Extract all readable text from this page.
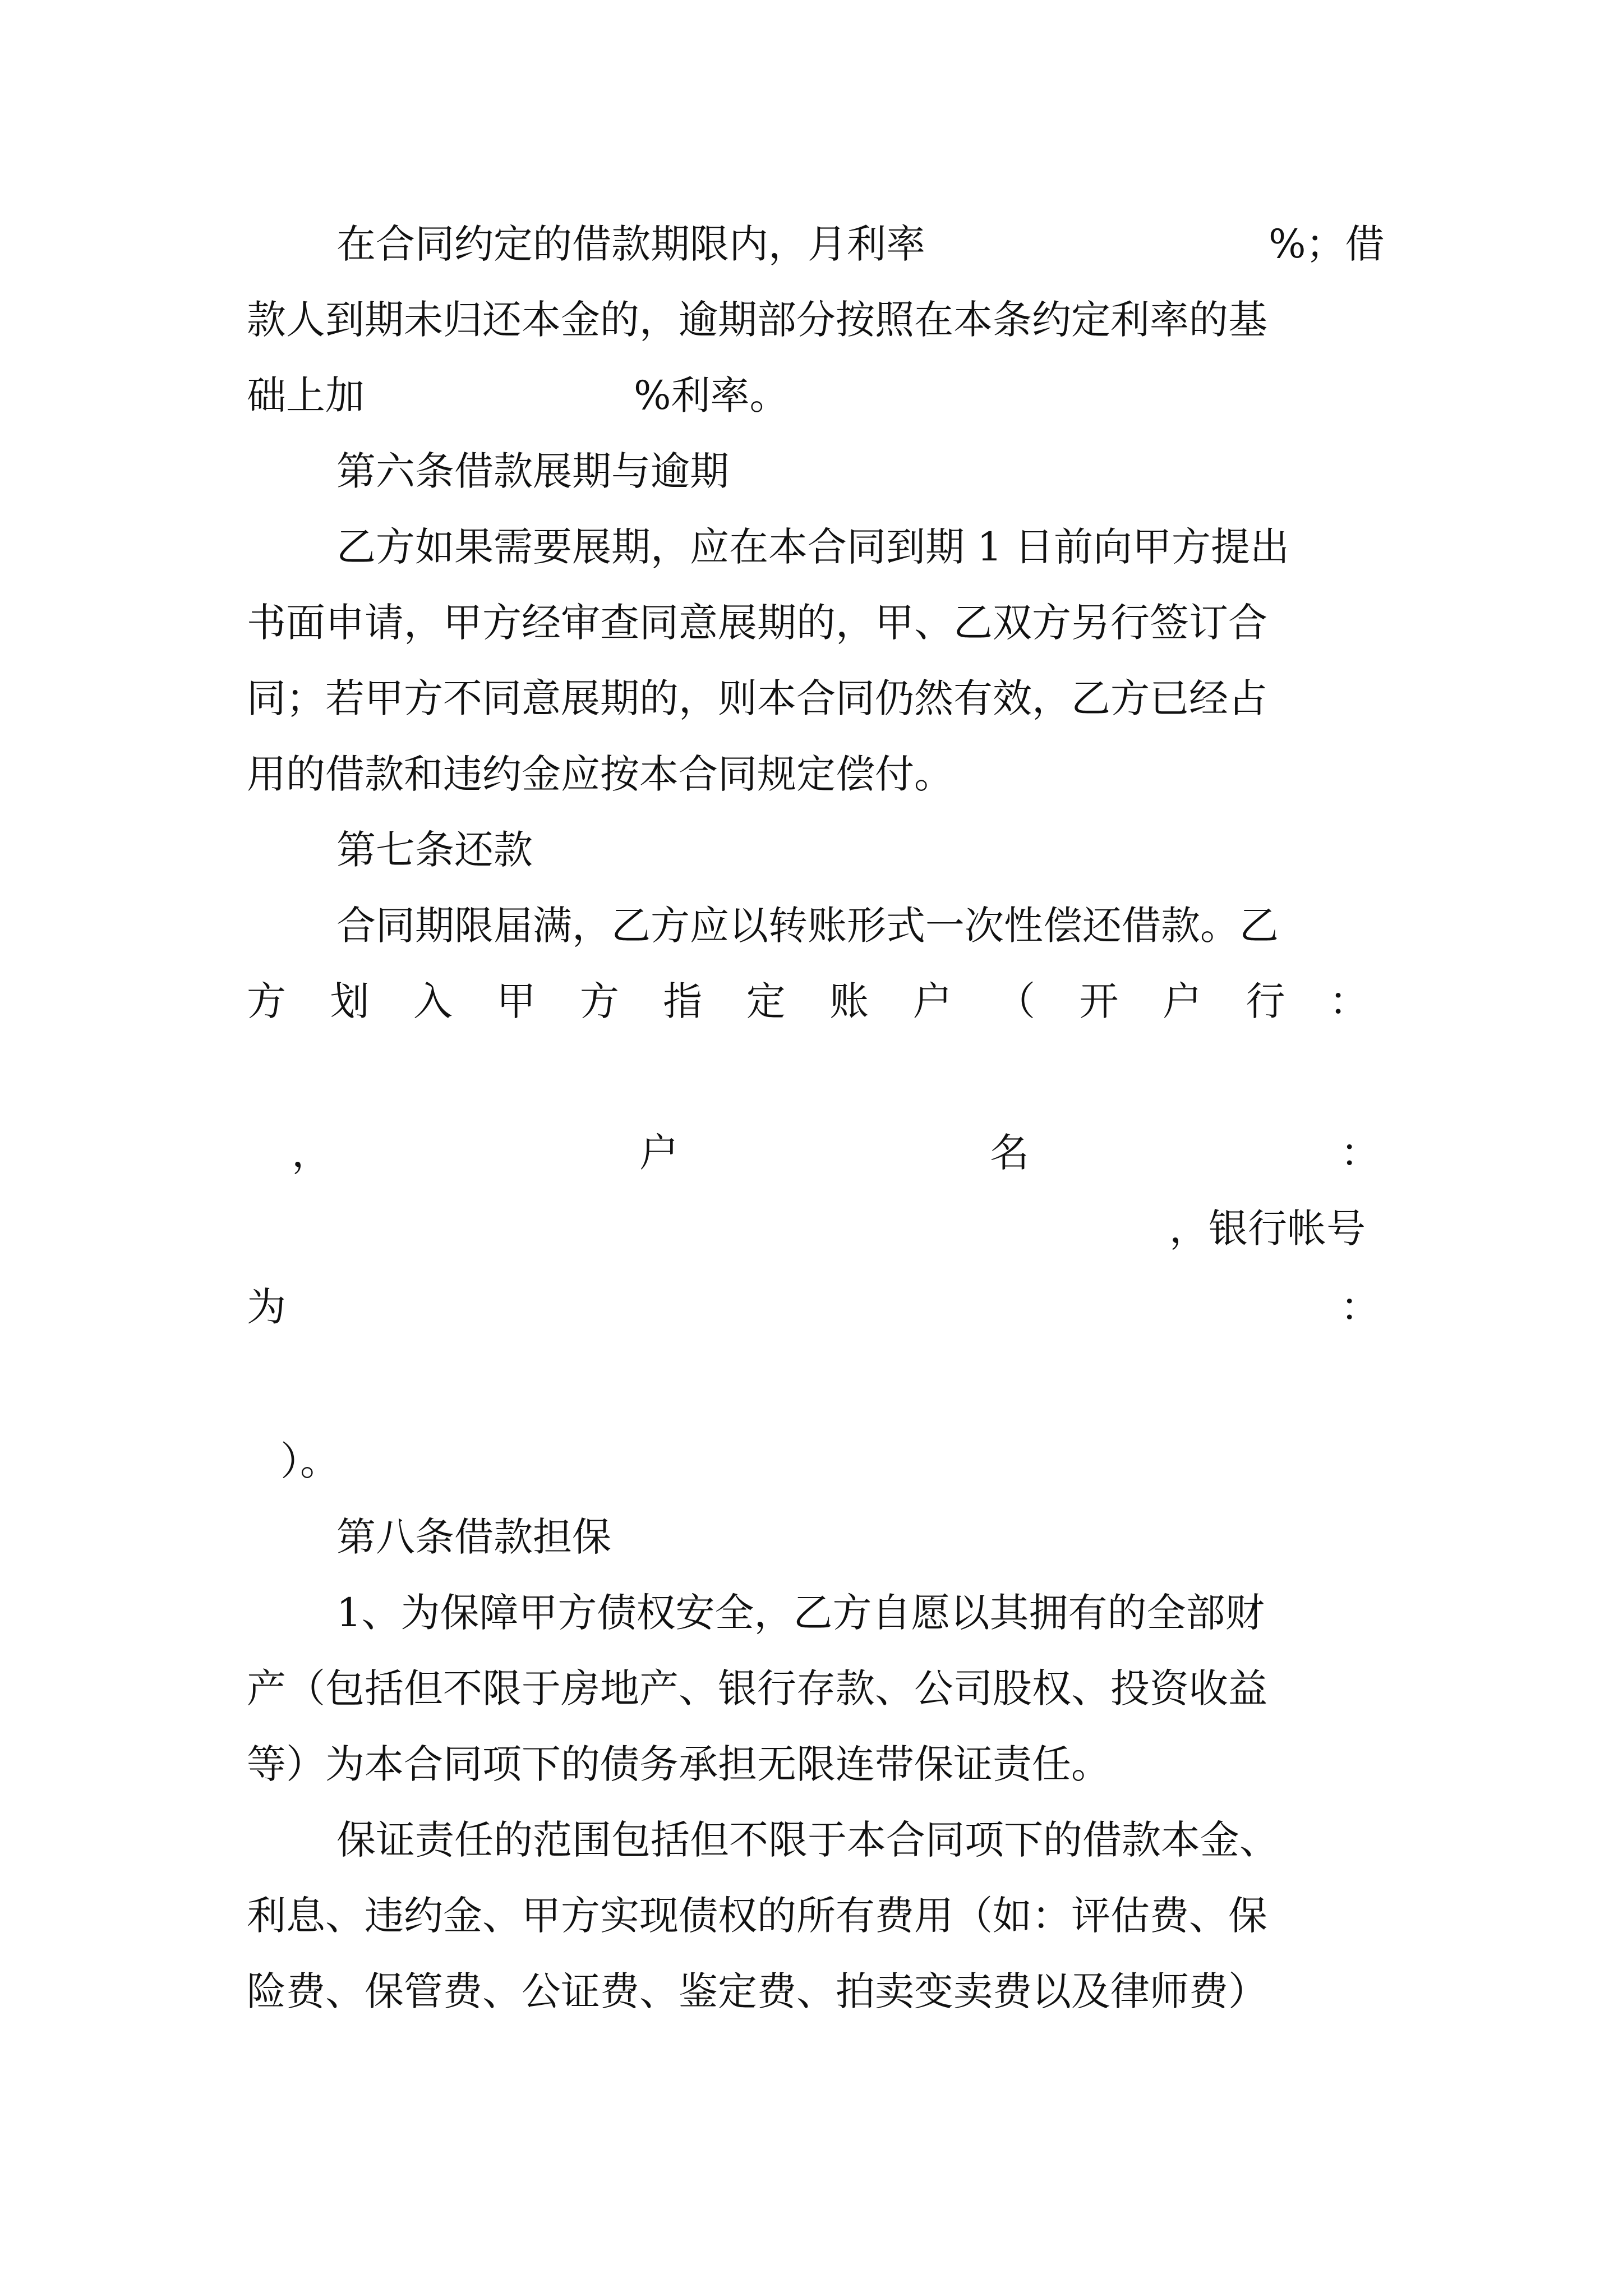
在合同约定的借款期限内，月利率	%；借
款人到期未归还本金的，逾期部分按照在本条约定利率的基
础上加	%利率。
第六条借款展期与逾期
乙方如果需要展期，应在本合同到期 1 日前向甲方提出
书面申请，甲方经审查同意展期的，甲、乙双方另行签订合
同；若甲方不同意展期的，则本合同仍然有效，乙方已经占
用的借款和违约金应按本合同规定偿付。
第七条还款
合同期限届满，乙方应以转账形式一次性偿还借款。乙
方 划 入 甲 方 指 定 账 户 （ 开 户 行 ：
，	户	名	：
，银行帐号
为	：
）。
第八条借款担保
1、为保障甲方债权安全，乙方自愿以其拥有的全部财
产（包括但不限于房地产、银行存款、公司股权、投资收益
等）为本合同项下的债务承担无限连带保证责任。
保证责任的范围包括但不限于本合同项下的借款本金、
利息、违约金、甲方实现债权的所有费用（如：评估费、保
险费、保管费、公证费、鉴定费、拍卖变卖费以及律师费）
